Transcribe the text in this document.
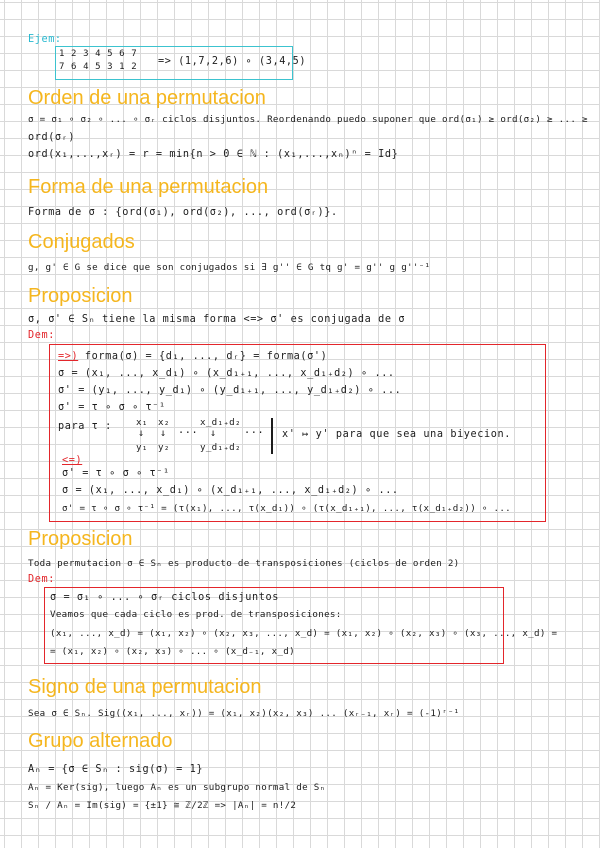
Ejem:
1 2 3 4 5 6 7
7 6 4 5 3 1 2 => (1,7,2,6) ∘ (3,4,5)
Orden de una permutacion
σ = σ₁ ∘ σ₂ ∘ ... ∘ σᵣ ciclos disjuntos. Reordenando puedo suponer que ord(σ₁) ≥ ord(σ₂) ≥ ... ≥
ord(σᵣ)
ord(x₁,...,xᵣ) = r = min{n > 0 ∈ ℕ : (x₁,...,xₙ)ⁿ = Id}
Forma de una permutacion
Forma de σ : {ord(σ₁), ord(σ₂), ..., ord(σᵣ)}.
Conjugados
g, g' ∈ G se dice que son conjugados si ∃ g'' ∈ G tq g' = g'' g g''⁻¹
Proposicion
σ, σ' ∈ Sₙ tiene la misma forma <=> σ' es conjugada de σ
Dem:
=>) forma(σ) = {d₁, ..., dᵣ} = forma(σ')
σ = (x₁, ..., x_d₁) ∘ (x_d₁₊₁, ..., x_d₁₊d₂) ∘ ...
σ' = (y₁, ..., y_d₁) ∘ (y_d₁₊₁, ..., y_d₁₊d₂) ∘ ...
σ' = τ ∘ σ ∘ τ⁻¹
para τ :	x₁
↓
y₁
x₂
↓
y₂
...
x_d₁₊d₂
↓
y_d₁₊d₂
... x' ↦ y' para que sea una biyecion.
<=)
σ' = τ ∘ σ ∘ τ⁻¹
σ = (x₁, ..., x_d₁) ∘ (x_d₁₊₁, ..., x_d₁₊d₂) ∘ ...
σ' = τ ∘ σ ∘ τ⁻¹ = (τ(x₁), ..., τ(x_d₁)) ∘ (τ(x_d₁₊₁), ..., τ(x_d₁₊d₂)) ∘ ...
Proposicion
Toda permutacion σ ∈ Sₙ es producto de transposiciones (ciclos de orden 2)
Dem:
σ = σ₁ ∘ ... ∘ σᵣ ciclos disjuntos
Veamos que cada ciclo es prod. de transposiciones:
(x₁, ..., x_d) = (x₁, x₂) ∘ (x₂, x₃, ..., x_d) = (x₁, x₂) ∘ (x₂, x₃) ∘ (x₃, ..., x_d) =
= (x₁, x₂) ∘ (x₂, x₃) ∘ ... ∘ (x_d₋₁, x_d)
Signo de una permutacion
Sea σ ∈ Sₙ. Sig((x₁, ..., xᵣ)) = (x₁, x₂)(x₂, x₃) ... (xᵣ₋₁, xᵣ) = (-1)ʳ⁻¹
Grupo alternado
Aₙ = {σ ∈ Sₙ : sig(σ) = 1}
Aₙ = Ker(sig), luego Aₙ es un subgrupo normal de Sₙ
Sₙ / Aₙ = Im(sig) = {±1} ≅ ℤ/2ℤ => |Aₙ| = n!/2
